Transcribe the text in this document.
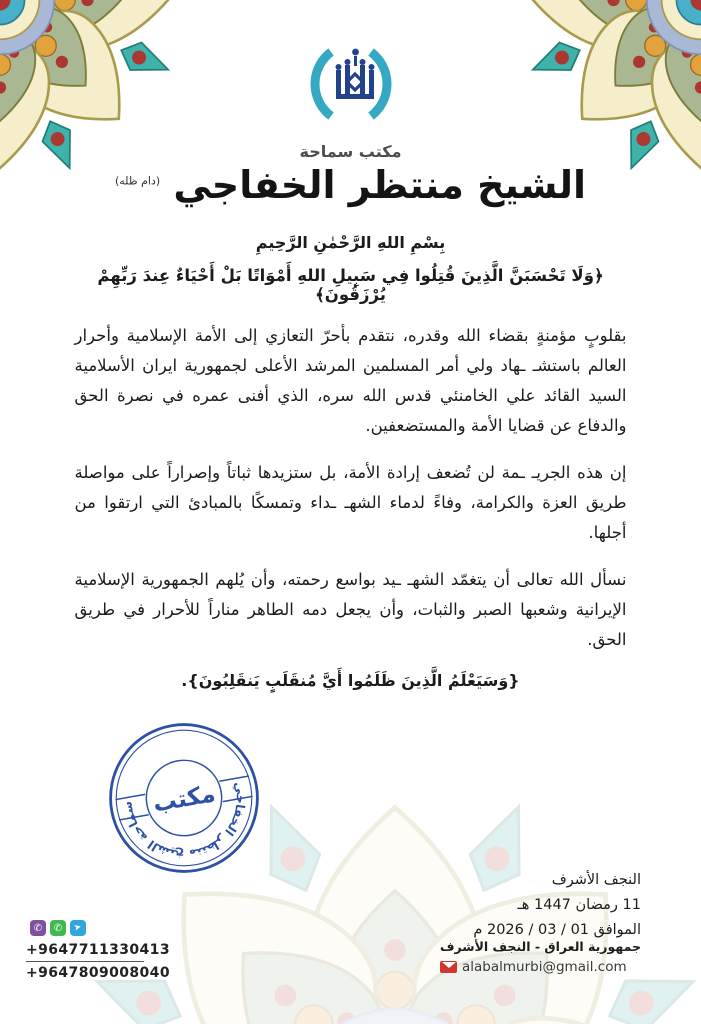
مكتب سماحة
الشيخ منتظر الخفاجي $^{(دام ظله)}$
بِسْمِ اللهِ الرَّحْمٰنِ الرَّحِيمِ
﴿وَلَا تَحْسَبَنَّ الَّذِينَ قُتِلُوا فِي سَبِيلِ اللهِ أَمْوَاتًا بَلْ أَحْيَاءٌ عِندَ رَبِّهِمْ يُرْزَقُونَ﴾

بقلوبٍ مؤمنةٍ بقضاء الله وقدره، نتقدم بأحرّ التعازي إلى الأمة الإسلامية وأحرار العالم باستشـ ـهاد ولي أمر المسلمين المرشد الأعلى لجمهورية ايران الأسلامية السيد القائد علي الخامنئي قدس الله سره، الذي أفنى عمره في نصرة الحق والدفاع عن قضايا الأمة والمستضعفين.

إن هذه الجريـ ـمة لن تُضعف إرادة الأمة، بل ستزيدها ثباتاً وإصراراً على مواصلة طريق العزة والكرامة، وفاءً لدماء الشهـ ـداء وتمسكًا بالمبادئ التي ارتقوا من أجلها.

نسأل الله تعالى أن يتغمّد الشهـ ـيد بواسع رحمته، وأن يُلهم الجمهورية الإسلامية الإيرانية وشعبها الصبر والثبات، وأن يجعل دمه الطاهر مناراً للأحرار في طريق الحق.

{وَسَيَعْلَمُ الَّذِينَ ظَلَمُوا أَيَّ مُنقَلَبٍ يَنقَلِبُونَ}.
سماحة الشيخ منتظر الخفاجي مكتب
النجف الأشرف
11 رمضان 1447 هـ
الموافق 01 / 03 / 2026 م
جمهورية العراق - النجف الأشرف
alabalmurbi@gmail.com
✆	✆	➤
+9647711330413
+9647809008040
